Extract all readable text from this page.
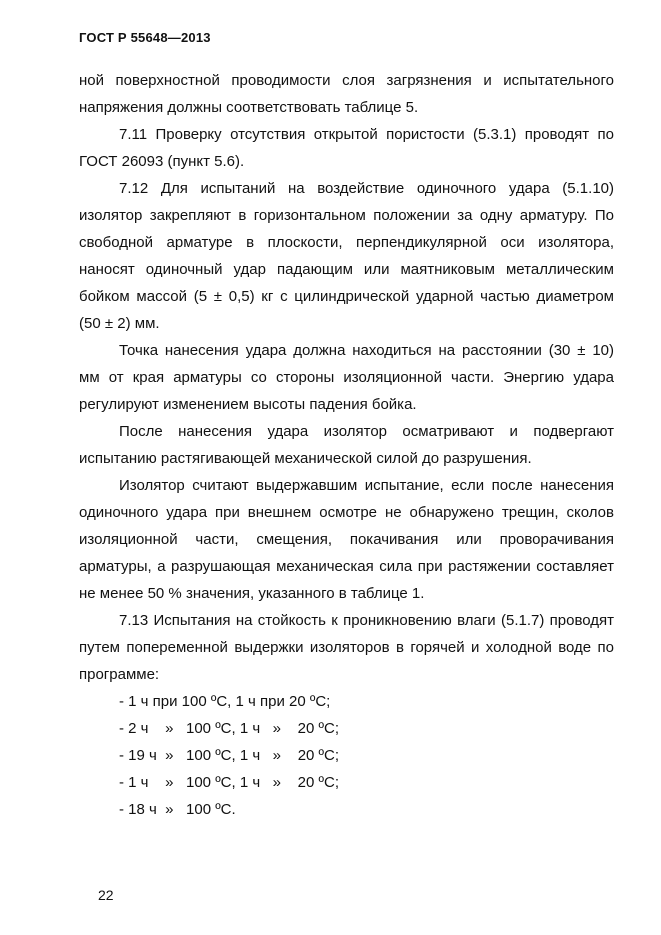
ГОСТ Р 55648—2013

ной поверхностной проводимости слоя загрязнения и испытательного напряжения должны соответствовать таблице 5.

7.11 Проверку отсутствия открытой пористости (5.3.1) проводят по ГОСТ 26093 (пункт 5.6).

7.12 Для испытаний на воздействие одиночного удара (5.1.10) изолятор закрепляют в горизонтальном положении за одну арматуру. По свободной арматуре в плоскости, перпендикулярной оси изолятора, наносят одиночный удар падающим или маятниковым металлическим бойком массой (5 ± 0,5) кг с цилиндрической ударной частью диаметром (50 ± 2) мм.

Точка нанесения удара должна находиться на расстоянии (30 ± 10) мм от края арматуры со стороны изоляционной части. Энергию удара регулируют изменением высоты падения бойка.

После нанесения удара изолятор осматривают и подвергают испытанию растягивающей механической силой до разрушения.

Изолятор считают выдержавшим испытание, если после нанесения одиночного удара при внешнем осмотре не обнаружено трещин, сколов изоляционной части, смещения, покачивания или проворачивания арматуры, а разрушающая механическая сила при растяжении составляет не менее 50 % значения, указанного в таблице 1.

7.13 Испытания на стойкость к проникновению влаги (5.1.7) проводят путем попеременной выдержки изоляторов в горячей и холодной воде по программе:

- 1 ч при 100 ºС, 1 ч при 20 ºС;
- 2 ч    »   100 ºС, 1 ч   »    20 ºС;
- 19 ч  »   100 ºС, 1 ч   »    20 ºС;
- 1 ч    »   100 ºС, 1 ч   »    20 ºС;
- 18 ч  »   100 ºС.
22
